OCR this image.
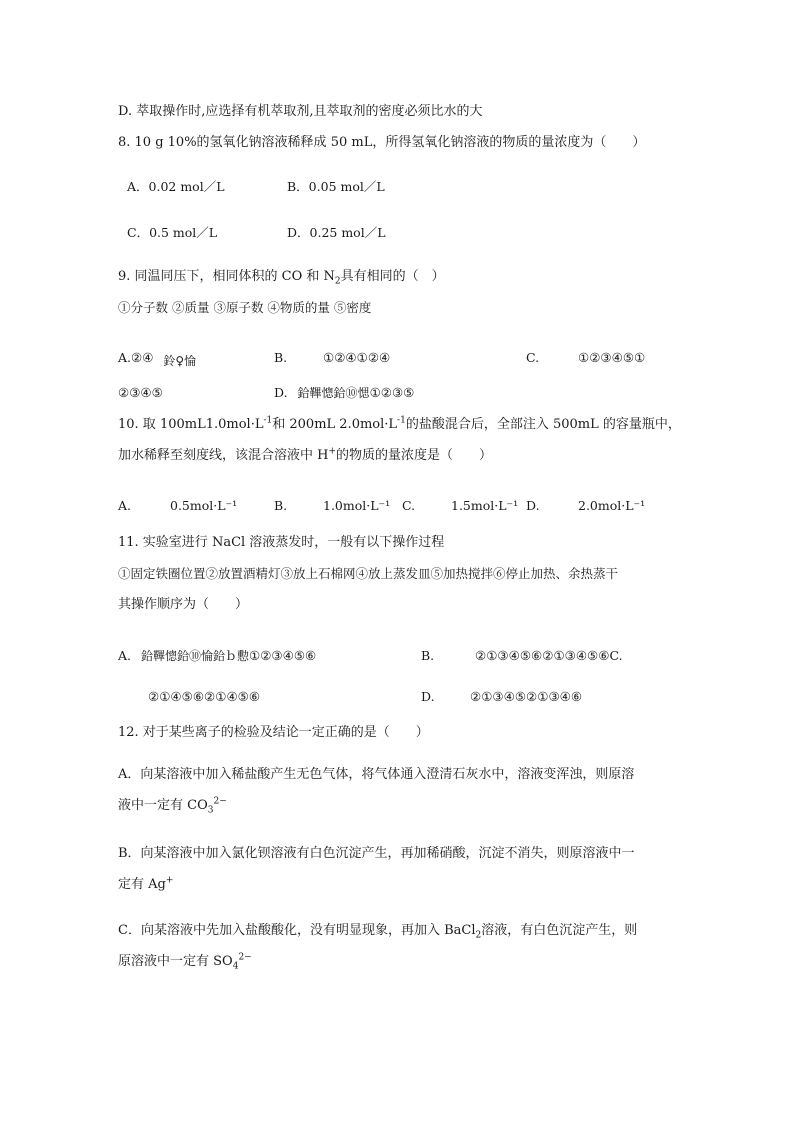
D. 萃取操作时,应选择有机萃取剂,且萃取剂的密度必须比水的大
8. 10 g 10%的氢氧化钠溶液稀释成 50 mL，所得氢氧化钠溶液的物质的量浓度为（　　）
A．0.02 mol／L	B．0.05 mol／L
C．0.5 mol／L	D．0.25 mol／L
9. 同温同压下，相同体积的 CO 和 $N_2$具有相同的（　）
①分子数 ②质量 ③原子数 ④物质的量 ⑤密度
A.②④ 鈴♀惀	B.	①②④①②④	C.	①②③④⑤①
②③④⑤	D. 鉿鞸憁鉿⑩愢①②③⑤
10. 取 $100mL1.0mol\cdot L^{-1}$和 200mL $2.0mol\cdot L^{-1}$的盐酸混合后，全部注入 500mL 的容量瓶中，
加水稀释至刻度线，该混合溶液中 H+的物质的量浓度是（　　）
A.	0.5mol·L⁻¹	B.	1.0mol·L⁻¹ C.	1.5mol·L⁻¹ D.	2.0mol·L⁻¹
11. 实验室进行 NaCl 溶液蒸发时，一般有以下操作过程
①固定铁圈位置②放置酒精灯③放上石棉网④放上蒸发皿⑤加热搅拌⑥停止加热、余热蒸干
其操作顺序为（　　）
A. 鉿鞸憁鉿⑩惀鉿ｂ憅①②③④⑤⑥	B.	②①③④⑤⑥②①③④⑤⑥C.
②①④⑤⑥②①④⑤⑥	D.	②①③④⑤②①③④⑥
12. 对于某些离子的检验及结论一定正确的是（　　）
A．向某溶液中加入稀盐酸产生无色气体，将气体通入澄清石灰水中，溶液变浑浊，则原溶
液中一定有 $CO_3^{2-}$
B．向某溶液中加入氯化钡溶液有白色沉淀产生，再加稀硝酸，沉淀不消失，则原溶液中一
定有 Ag+
C．向某溶液中先加入盐酸酸化，没有明显现象，再加入 BaCl$_2$溶液，有白色沉淀产生，则
原溶液中一定有 $SO_4^{2-}$
